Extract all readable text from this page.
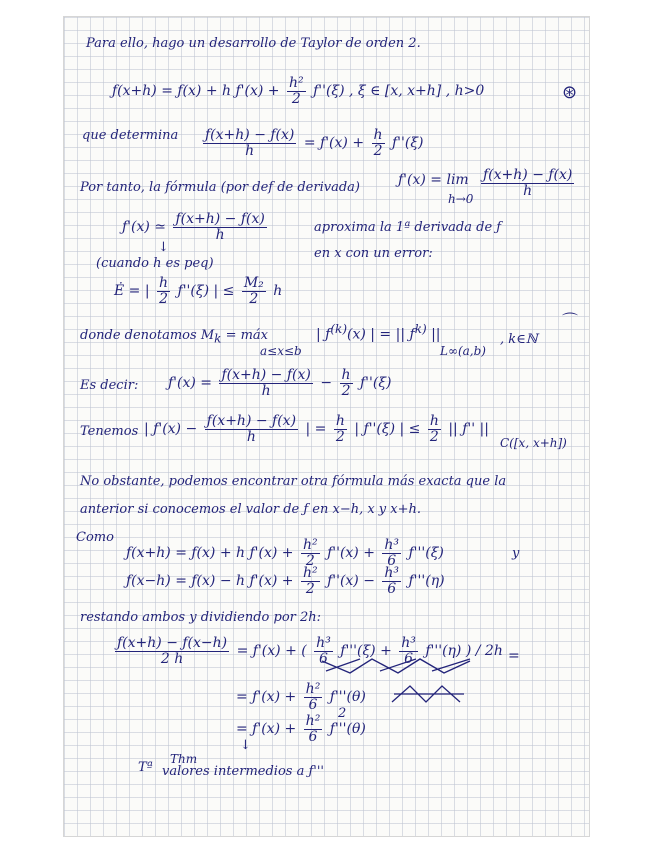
Para ello, hago un desarrollo de Taylor de orden 2.
ƒ(x+h) = ƒ(x) + h ƒ'(x) + $\frac{\text{h²}}{2}$ ƒ''(ξ) , ξ ∈ [x, x+h] , h>0	⊛
que determina $\frac{ƒ(x+h) - ƒ(x)}{h}$ = ƒ'(x) + $\frac{h}{2}$ ƒ''(ξ)
Por tanto, la fórmula (por def de derivada)	ƒ'(x) = lim
h→0
$\frac{ƒ(x+h) - ƒ(x)}{h}$
ƒ'(x) ≃ $\frac{ƒ(x+h) - ƒ(x)}{h}$	aproxima la 1ª derivada de ƒ
↓	en x con un error:
(cuando h es peq)
Ė = | $\frac{h}{2}$ ƒ''(ξ) | ≤ $\frac{\text{M₂}}{2}$ h
donde denotamos $M_k$ = máx
a≤x≤b
| $ƒ^{(k)}(x)$ | = || $ƒ^{k)}$ ||
L∞(a,b)
, k∈ℕ
Es decir: ƒ'(x) = $\frac{ƒ(x+h) - ƒ(x)}{h} - \frac{h}{2}$ ƒ''(ξ)
Tenemos | ƒ'(x) − $\frac{ƒ(x+h) - ƒ(x)}{h}$ | = $\frac{h}{2}$ | ƒ''(ξ) | ≤ $\frac{h}{2}$ || ƒ'' ||
C([x, x+h])
No obstante, podemos encontrar otra fórmula más exacta que la
anterior si conocemos el valor de ƒ en x−h, x y x+h.
Como
ƒ(x+h) = ƒ(x) + h ƒ'(x) + $\frac{\text{h²}}{2}$ ƒ''(x) + $\frac{\text{h³}}{6}$ ƒ'''(ξ)	y
ƒ(x−h) = ƒ(x) − h ƒ'(x) + $\frac{\text{h²}}{2}$ ƒ''(x) − $\frac{\text{h³}}{6}$ ƒ'''(η)
restando ambos y dividiendo por 2h:
$\frac{ƒ(x+h) - ƒ(x-h)}{2 h}$ = ƒ'(x) + ( $\frac{\text{h³}}{6}$ ƒ'''(ξ) + $\frac{\text{h³}}{6}$ ƒ'''(η) ) / 2h =
= ƒ'(x) + $\frac{\text{h²}}{6}$ ƒ'''(θ)
2
= ƒ'(x) + $\frac{\text{h²}}{6}$ ƒ'''(θ)
↓
Tª valores intermedios a ƒ'''
Thm
⌒
